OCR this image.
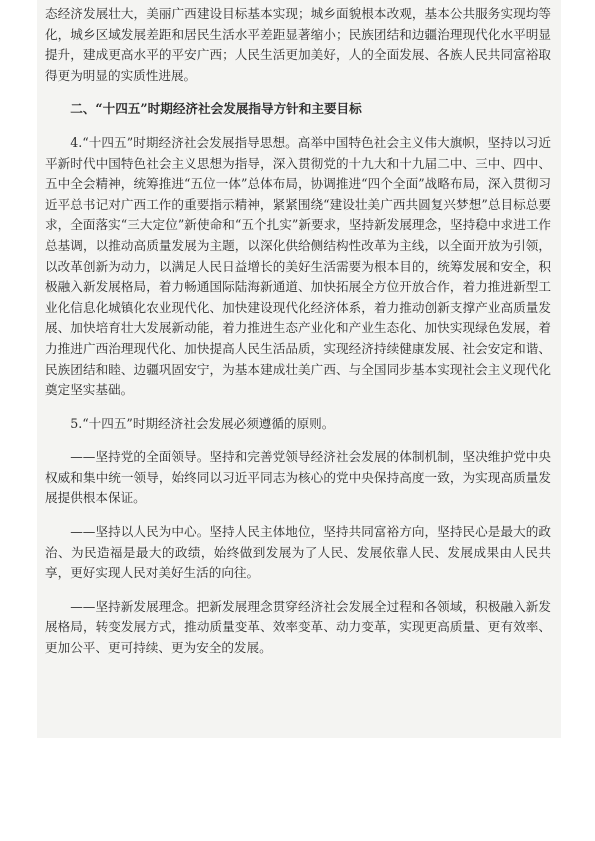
态经济发展壮大，美丽广西建设目标基本实现；城乡面貌根本改观，基本公共服务实现均等化，城乡区域发展差距和居民生活水平差距显著缩小；民族团结和边疆治理现代化水平明显提升，建成更高水平的平安广西；人民生活更加美好，人的全面发展、各族人民共同富裕取得更为明显的实质性进展。

二、“十四五”时期经济社会发展指导方针和主要目标

4.“十四五”时期经济社会发展指导思想。高举中国特色社会主义伟大旗帜，坚持以习近平新时代中国特色社会主义思想为指导，深入贯彻党的十九大和十九届二中、三中、四中、五中全会精神，统筹推进“五位一体”总体布局，协调推进“四个全面”战略布局，深入贯彻习近平总书记对广西工作的重要指示精神，紧紧围绕“建设壮美广西共圆复兴梦想”总目标总要求，全面落实“三大定位”新使命和“五个扎实”新要求，坚持新发展理念，坚持稳中求进工作总基调，以推动高质量发展为主题，以深化供给侧结构性改革为主线，以全面开放为引领，以改革创新为动力，以满足人民日益增长的美好生活需要为根本目的，统筹发展和安全，积极融入新发展格局，着力畅通国际陆海新通道、加快拓展全方位开放合作，着力推进新型工业化信息化城镇化农业现代化、加快建设现代化经济体系，着力推动创新支撑产业高质量发展、加快培育壮大发展新动能，着力推进生态产业化和产业生态化、加快实现绿色发展，着力推进广西治理现代化、加快提高人民生活品质，实现经济持续健康发展、社会安定和谐、民族团结和睦、边疆巩固安宁，为基本建成壮美广西、与全国同步基本实现社会主义现代化奠定坚实基础。

5.“十四五”时期经济社会发展必须遵循的原则。

——坚持党的全面领导。坚持和完善党领导经济社会发展的体制机制，坚决维护党中央权威和集中统一领导，始终同以习近平同志为核心的党中央保持高度一致，为实现高质量发展提供根本保证。

——坚持以人民为中心。坚持人民主体地位，坚持共同富裕方向，坚持民心是最大的政治、为民造福是最大的政绩，始终做到发展为了人民、发展依靠人民、发展成果由人民共享，更好实现人民对美好生活的向往。

——坚持新发展理念。把新发展理念贯穿经济社会发展全过程和各领域，积极融入新发展格局，转变发展方式，推动质量变革、效率变革、动力变革，实现更高质量、更有效率、更加公平、更可持续、更为安全的发展。
